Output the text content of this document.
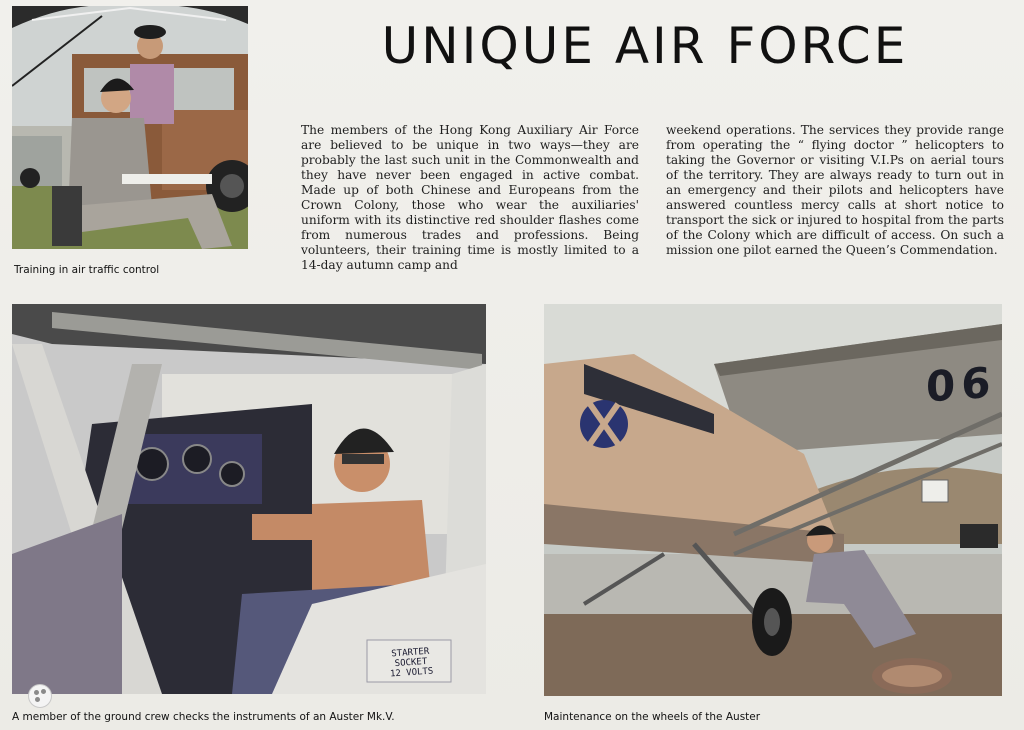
Training in air traffic control
UNIQUE AIR FORCE
The members of the Hong Kong Auxiliary Air Force are believed to be unique in two ways—they are probably the last such unit in the Commonwealth and they have never been engaged in active combat. Made up of both Chinese and Europeans from the Crown Colony, those who wear the auxiliaries' uniform with its distinctive red shoulder flashes come from numerous trades and professions. Being volunteers, their training time is mostly limited to a 14-day autumn camp and
weekend operations. The services they provide range from operating the “ flying doctor ” helicopters to taking the Governor or visiting V.I.Ps on aerial tours of the territory. They are always ready to turn out in an emergency and their pilots and helicopters have answered countless mercy calls at short notice to transport the sick or injured to hospital from the parts of the Colony which are difficult of access. On such a mission one pilot earned the Queen’s Commendation.
STARTER
SOCKET
12 VOLTS
A member of the ground crew checks the instruments of an Auster Mk.V.
06
Maintenance on the wheels of the Auster
